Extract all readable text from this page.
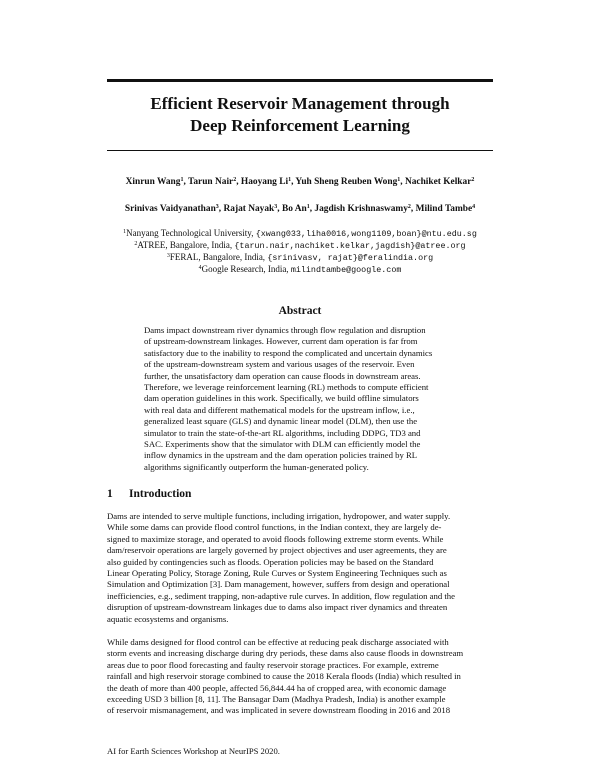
Efficient Reservoir Management through
Deep Reinforcement Learning
Xinrun Wang$^1$, Tarun Nair$^2$, Haoyang Li$^1$, Yuh Sheng Reuben Wong$^1$, Nachiket Kelkar$^2$
Srinivas Vaidyanathan$^3$, Rajat Nayak$^3$, Bo An$^1$, Jagdish Krishnaswamy$^2$, Milind Tambe$^4$
$^1$Nanyang Technological University, {xwang033,liha0016,wong1109,boan}@ntu.edu.sg
$^2$ATREE, Bangalore, India, {tarun.nair,nachiket.kelkar,jagdish}@atree.org
$^3$FERAL, Bangalore, India, {srinivasv, rajat}@feralindia.org
$^4$Google Research, India, milindtambe@google.com
Abstract
Dams impact downstream river dynamics through flow regulation and disruption
of upstream-downstream linkages. However, current dam operation is far from
satisfactory due to the inability to respond the complicated and uncertain dynamics
of the upstream-downstream system and various usages of the reservoir. Even
further, the unsatisfactory dam operation can cause floods in downstream areas.
Therefore, we leverage reinforcement learning (RL) methods to compute efficient
dam operation guidelines in this work. Specifically, we build offline simulators
with real data and different mathematical models for the upstream inflow, i.e.,
generalized least square (GLS) and dynamic linear model (DLM), then use the
simulator to train the state-of-the-art RL algorithms, including DDPG, TD3 and
SAC. Experiments show that the simulator with DLM can efficiently model the
inflow dynamics in the upstream and the dam operation policies trained by RL
algorithms significantly outperform the human-generated policy.
1 Introduction
Dams are intended to serve multiple functions, including irrigation, hydropower, and water supply.
While some dams can provide flood control functions, in the Indian context, they are largely de-
signed to maximize storage, and operated to avoid floods following extreme storm events. While
dam/reservoir operations are largely governed by project objectives and user agreements, they are
also guided by contingencies such as floods. Operation policies may be based on the Standard
Linear Operating Policy, Storage Zoning, Rule Curves or System Engineering Techniques such as
Simulation and Optimization [3]. Dam management, however, suffers from design and operational
inefficiencies, e.g., sediment trapping, non-adaptive rule curves. In addition, flow regulation and the
disruption of upstream-downstream linkages due to dams also impact river dynamics and threaten
aquatic ecosystems and organisms.
While dams designed for flood control can be effective at reducing peak discharge associated with
storm events and increasing discharge during dry periods, these dams also cause floods in downstream
areas due to poor flood forecasting and faulty reservoir storage practices. For example, extreme
rainfall and high reservoir storage combined to cause the 2018 Kerala floods (India) which resulted in
the death of more than 400 people, affected 56,844.44 ha of cropped area, with economic damage
exceeding USD 3 billion [8, 11]. The Bansagar Dam (Madhya Pradesh, India) is another example
of reservoir mismanagement, and was implicated in severe downstream flooding in 2016 and 2018
AI for Earth Sciences Workshop at NeurIPS 2020.
